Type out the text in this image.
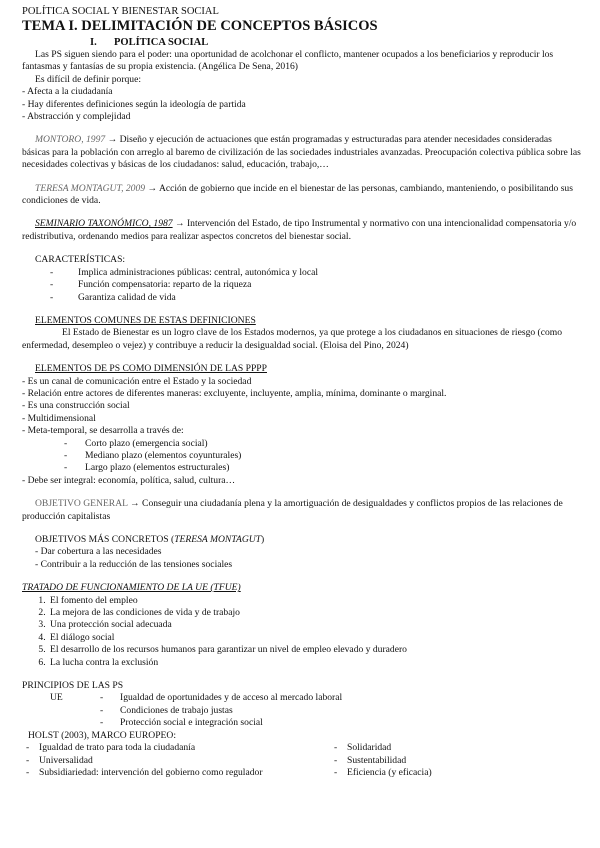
POLÍTICA SOCIAL Y BIENESTAR SOCIAL
TEMA I. DELIMITACIÓN DE CONCEPTOS BÁSICOS
I. POLÍTICA SOCIAL

Las PS siguen siendo para el poder: una oportunidad de acolchonar el conflicto, mantener ocupados a los beneficiarios y reproducir los fantasmas y fantasías de su propia existencia. (Angélica De Sena, 2016)

Es difícil de definir porque:

- Afecta a la ciudadanía
- Hay diferentes definiciones según la ideología de partida
- Abstracción y complejidad

MONTORO, 1997 → Diseño y ejecución de actuaciones que están programadas y estructuradas para atender necesidades consideradas básicas para la población con arreglo al baremo de civilización de las sociedades industriales avanzadas. Preocupación colectiva pública sobre las necesidades colectivas y básicas de los ciudadanos: salud, educación, trabajo,…

TERESA MONTAGUT, 2009 → Acción de gobierno que incide en el bienestar de las personas, cambiando, manteniendo, o posibilitando sus condiciones de vida.

SEMINARIO TAXONÓMICO, 1987 → Intervención del Estado, de tipo Instrumental y normativo con una intencionalidad compensatoria y/o redistributiva, ordenando medios para realizar aspectos concretos del bienestar social.

CARACTERÍSTICAS:
- Implica administraciones públicas: central, autonómica y local
- Función compensatoria: reparto de la riqueza
- Garantiza calidad de vida
ELEMENTOS COMUNES DE ESTAS DEFINICIONES

El Estado de Bienestar es un logro clave de los Estados modernos, ya que protege a los ciudadanos en situaciones de riesgo (como enfermedad, desempleo o vejez) y contribuye a reducir la desigualdad social. (Eloisa del Pino, 2024)

ELEMENTOS DE PS COMO DIMENSIÓN DE LAS PPPP
- Es un canal de comunicación entre el Estado y la sociedad
- Relación entre actores de diferentes maneras: excluyente, incluyente, amplia, mínima, dominante o marginal.
- Es una construcción social
- Multidimensional
- Meta-temporal, se desarrolla a través de:
- Corto plazo (emergencia social)
- Mediano plazo (elementos coyunturales)
- Largo plazo (elementos estructurales)
- Debe ser integral: economía, política, salud, cultura…

OBJETIVO GENERAL → Conseguir una ciudadanía plena y la amortiguación de desigualdades y conflictos propios de las relaciones de producción capitalistas

OBJETIVOS MÁS CONCRETOS (TERESA MONTAGUT)
- Dar cobertura a las necesidades
- Contribuir a la reducción de las tensiones sociales
TRATADO DE FUNCIONAMIENTO DE LA UE (TFUE)
1. El fomento del empleo
2. La mejora de las condiciones de vida y de trabajo
3. Una protección social adecuada
4. El diálogo social
5. El desarrollo de los recursos humanos para garantizar un nivel de empleo elevado y duradero
6. La lucha contra la exclusión
PRINCIPIOS DE LAS PS
UE
-	Igualdad de oportunidades y de acceso al mercado laboral
- Condiciones de trabajo justas
- Protección social e integración social
HOLST (2003), MARCO EUROPEO:
- Igualdad de trato para toda la ciudadanía
- Universalidad
- Subsidiariedad: intervención del gobierno como regulador
- Solidaridad
- Sustentabilidad
- Eficiencia (y eficacia)
